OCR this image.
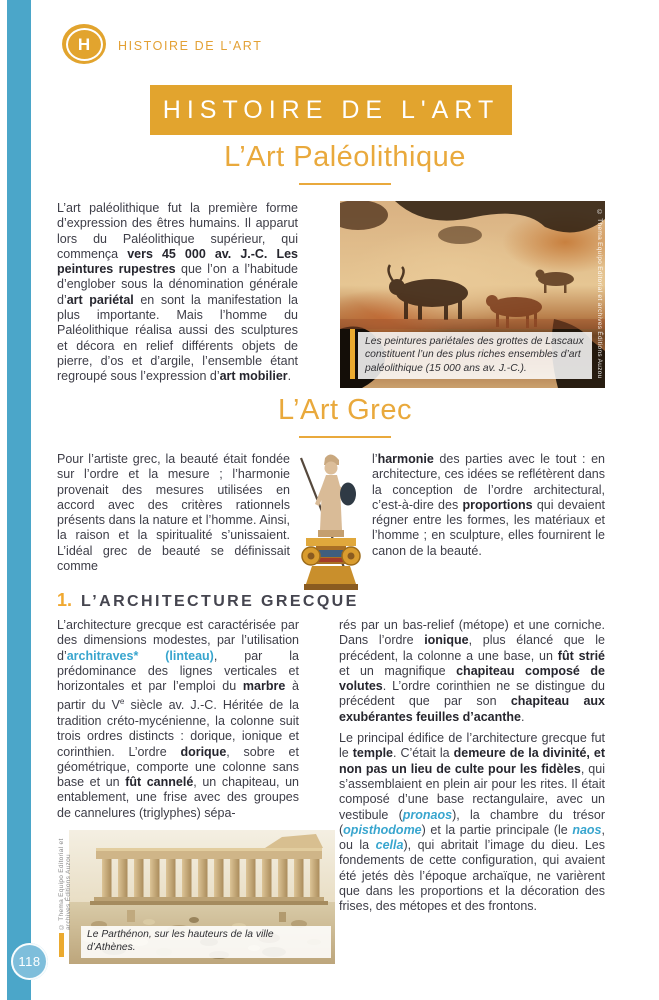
H HISTOIRE DE L'ART
HISTOIRE DE L'ART
L’Art Paléolithique

L’art paléolithique fut la première forme d’expression des êtres humains. Il apparut lors du Paléolithique supérieur, qui commença vers 45 000 av. J.-C. Les peintures rupestres que l’on a l’habitude d’englober sous la dénomination générale d’art pariétal en sont la manifestation la plus importante. Mais l’homme du Paléolithique réalisa aussi des sculptures et décora en relief différents objets de pierre, d’os et d’argile, l’ensemble étant regroupé sous l’expression d’art mobilier.

Les peintures pariétales des grottes de Lascaux constituent l’un des plus riches ensembles d’art paléolithique (15 000 ans av. J.-C.).	© Thema Equipo Editorial et archives Éditions Auzou
L’Art Grec

Pour l’artiste grec, la beauté était fondée sur l’ordre et la mesure ; l’harmonie provenait des mesures utilisées en accord avec des critères rationnels présents dans la nature et l’homme. Ainsi, la raison et la spiritualité s’unissaient. L’idéal grec de beauté se définissait comme

l’harmonie des parties avec le tout : en architecture, ces idées se reflétèrent dans la conception de l’ordre architectural, c’est-à-dire des proportions qui devaient régner entre les formes, les matériaux et l’homme ; en sculpture, elles fournirent le canon de la beauté.

1. L’ARCHITECTURE GRECQUE

L’architecture grecque est caractérisée par des dimensions modestes, par l’utilisation d’architraves* (linteau), par la prédominance des lignes verticales et horizontales et par l’emploi du marbre à partir du Ve siècle av. J.-C. Héritée de la tradition créto-mycénienne, la colonne suit trois ordres distincts : dorique, ionique et corinthien. L’ordre dorique, sobre et géométrique, comporte une colonne sans base et un fût cannelé, un chapiteau, un entablement, une frise avec des groupes de cannelures (triglyphes) sépa-

Le Parthénon, sur les hauteurs de la ville d’Athènes.
© Thema Equipo Editorial et archives Éditions Auzou

rés par un bas-relief (métope) et une corniche. Dans l’ordre ionique, plus élancé que le précédent, la colonne a une base, un fût strié et un magnifique chapiteau composé de volutes. L’ordre corinthien ne se distingue du précédent que par son chapiteau aux exubérantes feuilles d’acanthe.

Le principal édifice de l’architecture grecque fut le temple. C’était la demeure de la divinité, et non pas un lieu de culte pour les fidèles, qui s’assemblaient en plein air pour les rites. Il était composé d’une base rectangulaire, avec un vestibule (pronaos), la chambre du trésor (opisthodome) et la partie principale (le naos, ou la cella), qui abritait l’image du dieu. Les fondements de cette configuration, qui avaient été jetés dès l’époque archaïque, ne varièrent que dans les proportions et la décoration des frises, des métopes et des frontons.

118
